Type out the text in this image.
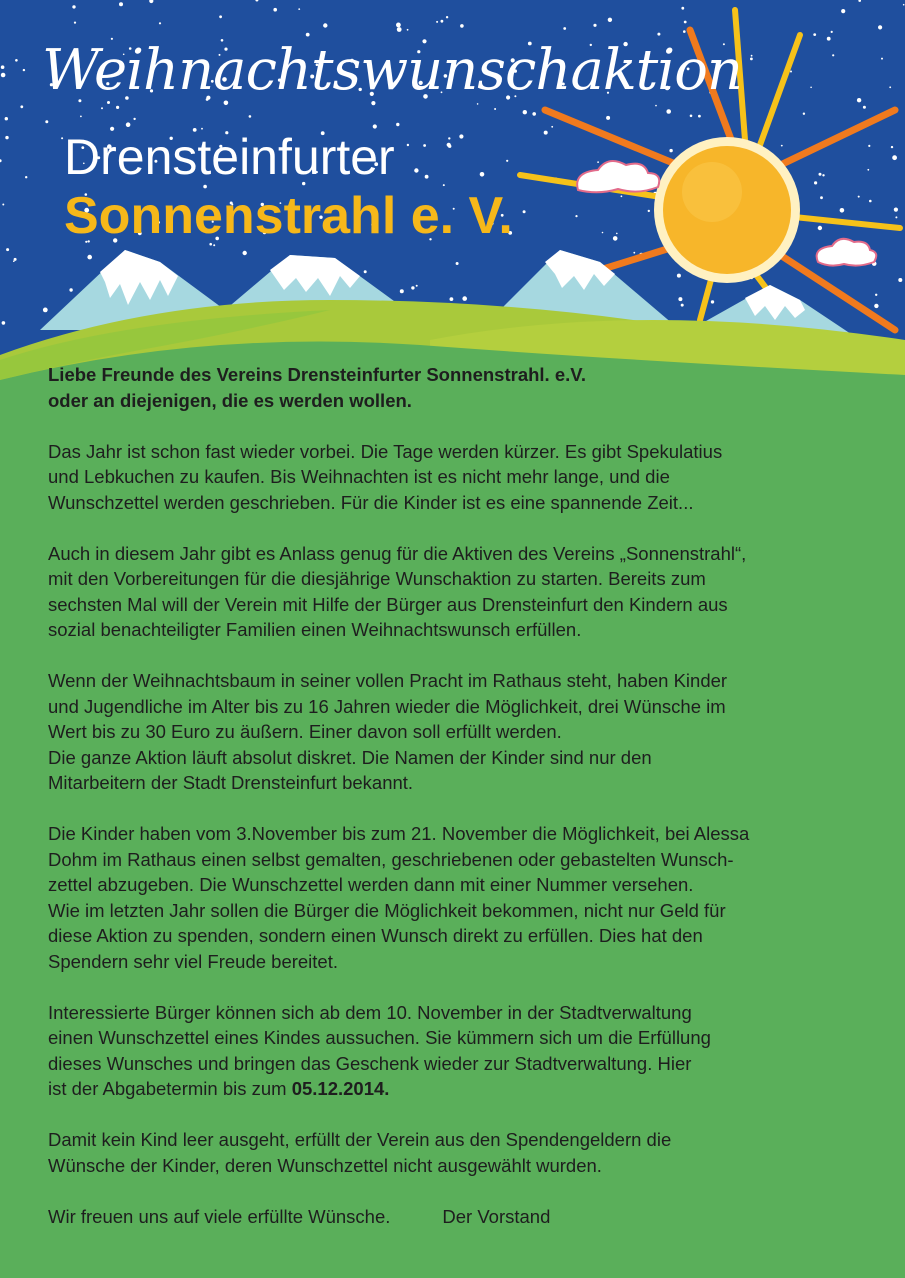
Weihnachtswunschaktion
Drensteinfurter
Sonnenstrahl e. V.
Liebe Freunde des Vereins Drensteinfurter Sonnenstrahl. e.V.
oder an diejenigen, die es werden wollen.
Das Jahr ist schon fast wieder vorbei. Die Tage werden kürzer. Es gibt Spekulatius
und Lebkuchen zu kaufen. Bis Weihnachten ist es nicht mehr lange, und die
Wunschzettel werden geschrieben. Für die Kinder ist es eine spannende Zeit...
Auch in diesem Jahr gibt es Anlass genug für die Aktiven des Vereins „Sonnenstrahl“,
mit den Vorbereitungen für die diesjährige Wunschaktion zu starten. Bereits zum
sechsten Mal will der Verein mit Hilfe der Bürger aus Drensteinfurt den Kindern aus
sozial benachteiligter Familien einen Weihnachtswunsch erfüllen.
Wenn der Weihnachtsbaum in seiner vollen Pracht im Rathaus steht, haben Kinder
und Jugendliche im Alter bis zu 16 Jahren wieder die Möglichkeit, drei Wünsche im
Wert bis zu 30 Euro zu äußern. Einer davon soll erfüllt werden.
Die ganze Aktion läuft absolut diskret. Die Namen der Kinder sind nur den
Mitarbeitern der Stadt Drensteinfurt bekannt.
Die Kinder haben vom 3.November bis zum 21. November die Möglichkeit, bei Alessa
Dohm im Rathaus einen selbst gemalten, geschriebenen oder gebastelten Wunsch-
zettel abzugeben. Die Wunschzettel werden dann mit einer Nummer versehen.
Wie im letzten Jahr sollen die Bürger die Möglichkeit bekommen, nicht nur Geld für
diese Aktion zu spenden, sondern einen Wunsch direkt zu erfüllen. Dies hat den
Spendern sehr viel Freude bereitet.
Interessierte Bürger können sich ab dem 10. November in der Stadtverwaltung
einen Wunschzettel eines Kindes aussuchen. Sie kümmern sich um die Erfüllung
dieses Wunsches und bringen das Geschenk wieder zur Stadtverwaltung. Hier
ist der Abgabetermin bis zum 05.12.2014.
Damit kein Kind leer ausgeht, erfüllt der Verein aus den Spendengeldern die
Wünsche der Kinder, deren Wunschzettel nicht ausgewählt wurden.
Wir freuen uns auf viele erfüllte Wünsche.	Der Vorstand
